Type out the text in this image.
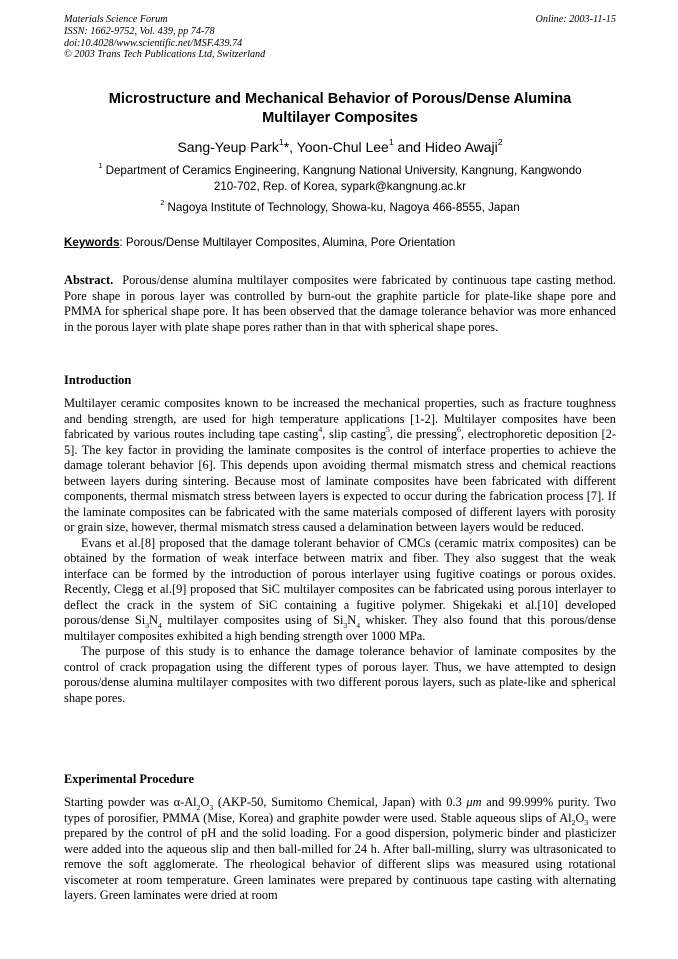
Materials Science Forum
ISSN: 1662-9752, Vol. 439, pp 74-78
doi:10.4028/www.scientific.net/MSF.439.74
© 2003 Trans Tech Publications Ltd, Switzerland
Online: 2003-11-15
Microstructure and Mechanical Behavior of Porous/Dense Alumina
Multilayer Composites
Sang-Yeup Park$^1$*, Yoon-Chul Lee$^1$ and Hideo Awaji$^2$
$^1$ Department of Ceramics Engineering, Kangnung National University, Kangnung, Kangwondo
210-702, Rep. of Korea, sypark@kangnung.ac.kr
$^2$ Nagoya Institute of Technology, Showa-ku, Nagoya 466-8555, Japan
Keywords: Porous/Dense Multilayer Composites, Alumina, Pore Orientation

Abstract. Porous/dense alumina multilayer composites were fabricated by continuous tape casting method. Pore shape in porous layer was controlled by burn-out the graphite particle for plate-like shape pore and PMMA for spherical shape pore. It has been observed that the damage tolerance behavior was more enhanced in the porous layer with plate shape pores rather than in that with spherical shape pores.

Introduction

Multilayer ceramic composites known to be increased the mechanical properties, such as fracture toughness and bending strength, are used for high temperature applications [1-2]. Multilayer composites have been fabricated by various routes including tape casting$^4$, slip casting$^5$, die pressing$^6$, electrophoretic deposition [2-5]. The key factor in providing the laminate composites is the control of interface properties to achieve the damage tolerant behavior [6]. This depends upon avoiding thermal mismatch stress and chemical reactions between layers during sintering. Because most of laminate composites have been fabricated with different components, thermal mismatch stress between layers is expected to occur during the fabrication process [7]. If the laminate composites can be fabricated with the same materials composed of different layers with porosity or grain size, however, thermal mismatch stress caused a delamination between layers would be reduced.

Evans et al.[8] proposed that the damage tolerant behavior of CMCs (ceramic matrix composites) can be obtained by the formation of weak interface between matrix and fiber. They also suggest that the weak interface can be formed by the introduction of porous interlayer using fugitive coatings or porous oxides. Recently, Clegg et al.[9] proposed that SiC multilayer composites can be fabricated using porous interlayer to deflect the crack in the system of SiC containing a fugitive polymer. Shigekaki et al.[10] developed porous/dense $Si_3N_4$ multilayer composites using of $Si_3N_4$ whisker. They also found that this porous/dense multilayer composites exhibited a high bending strength over 1000 MPa.

The purpose of this study is to enhance the damage tolerance behavior of laminate composites by the control of crack propagation using the different types of porous layer. Thus, we have attempted to design porous/dense alumina multilayer composites with two different porous layers, such as plate-like and spherical shape pores.

Experimental Procedure

Starting powder was $\alpha-Al_2O_3$ (AKP-50, Sumitomo Chemical, Japan) with 0.3 μm and 99.999% purity. Two types of porosifier, PMMA (Mise, Korea) and graphite powder were used. Stable aqueous slips of $Al_2O_3$ were prepared by the control of pH and the solid loading. For a good dispersion, polymeric binder and plasticizer were added into the aqueous slip and then ball-milled for 24 h. After ball-milling, slurry was ultrasonicated to remove the soft agglomerate. The rheological behavior of different slips was measured using rotational viscometer at room temperature. Green laminates were prepared by continuous tape casting with alternating layers. Green laminates were dried at room
